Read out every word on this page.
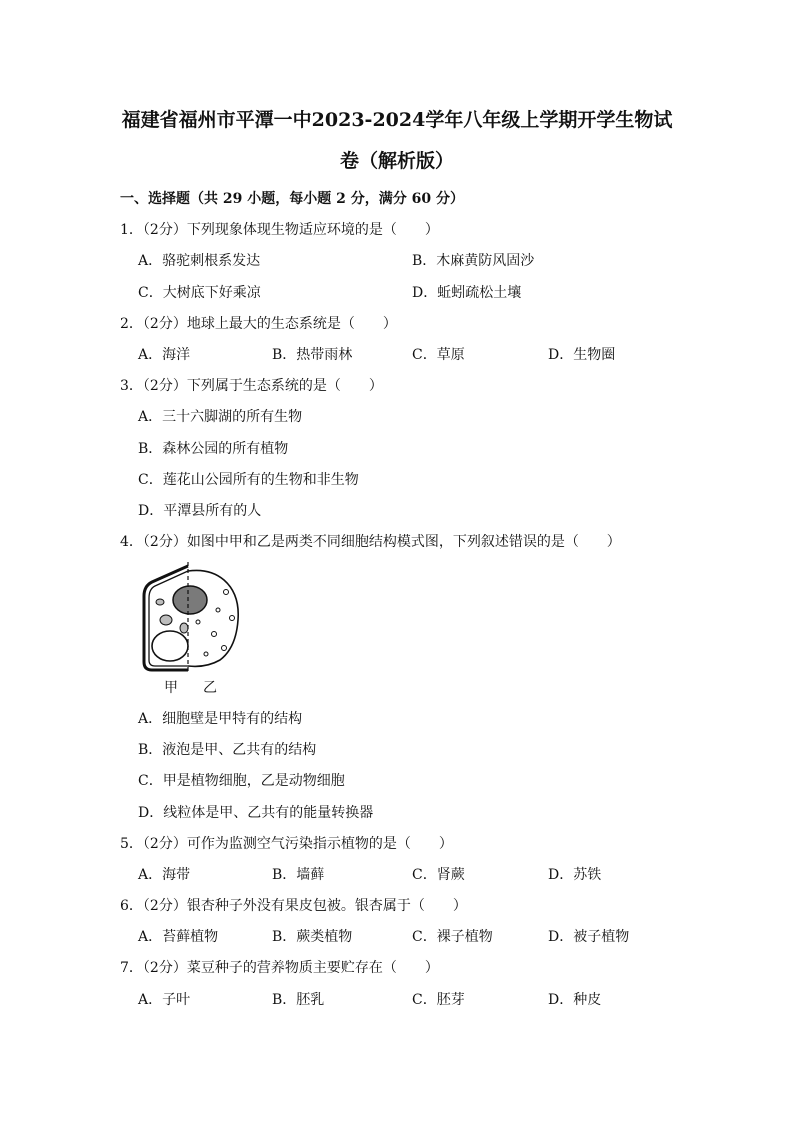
福建省福州市平潭一中2023-2024学年八年级上学期开学生物试
卷（解析版）
一、选择题（共 29 小题，每小题 2 分，满分 60 分）
1．（2分）下列现象体现生物适应环境的是（　　）
A．骆驼刺根系发达	B．木麻黄防风固沙
C．大树底下好乘凉	D．蚯蚓疏松土壤
2．（2分）地球上最大的生态系统是（　　）
A．海洋	B．热带雨林	C．草原	D．生物圈
3．（2分）下列属于生态系统的是（　　）
A．三十六脚湖的所有生物
B．森林公园的所有植物
C．莲花山公园所有的生物和非生物
D．平潭县所有的人
4．（2分）如图中甲和乙是两类不同细胞结构模式图，下列叙述错误的是（　　）
甲 乙
A．细胞壁是甲特有的结构
B．液泡是甲、乙共有的结构
C．甲是植物细胞，乙是动物细胞
D．线粒体是甲、乙共有的能量转换器
5．（2分）可作为监测空气污染指示植物的是（　　）
A．海带	B．墙藓	C．肾蕨	D．苏铁
6．（2分）银杏种子外没有果皮包被。银杏属于（　　）
A．苔藓植物	B．蕨类植物	C．裸子植物	D．被子植物
7．（2分）菜豆种子的营养物质主要贮存在（　　）
A．子叶	B．胚乳	C．胚芽	D．种皮
